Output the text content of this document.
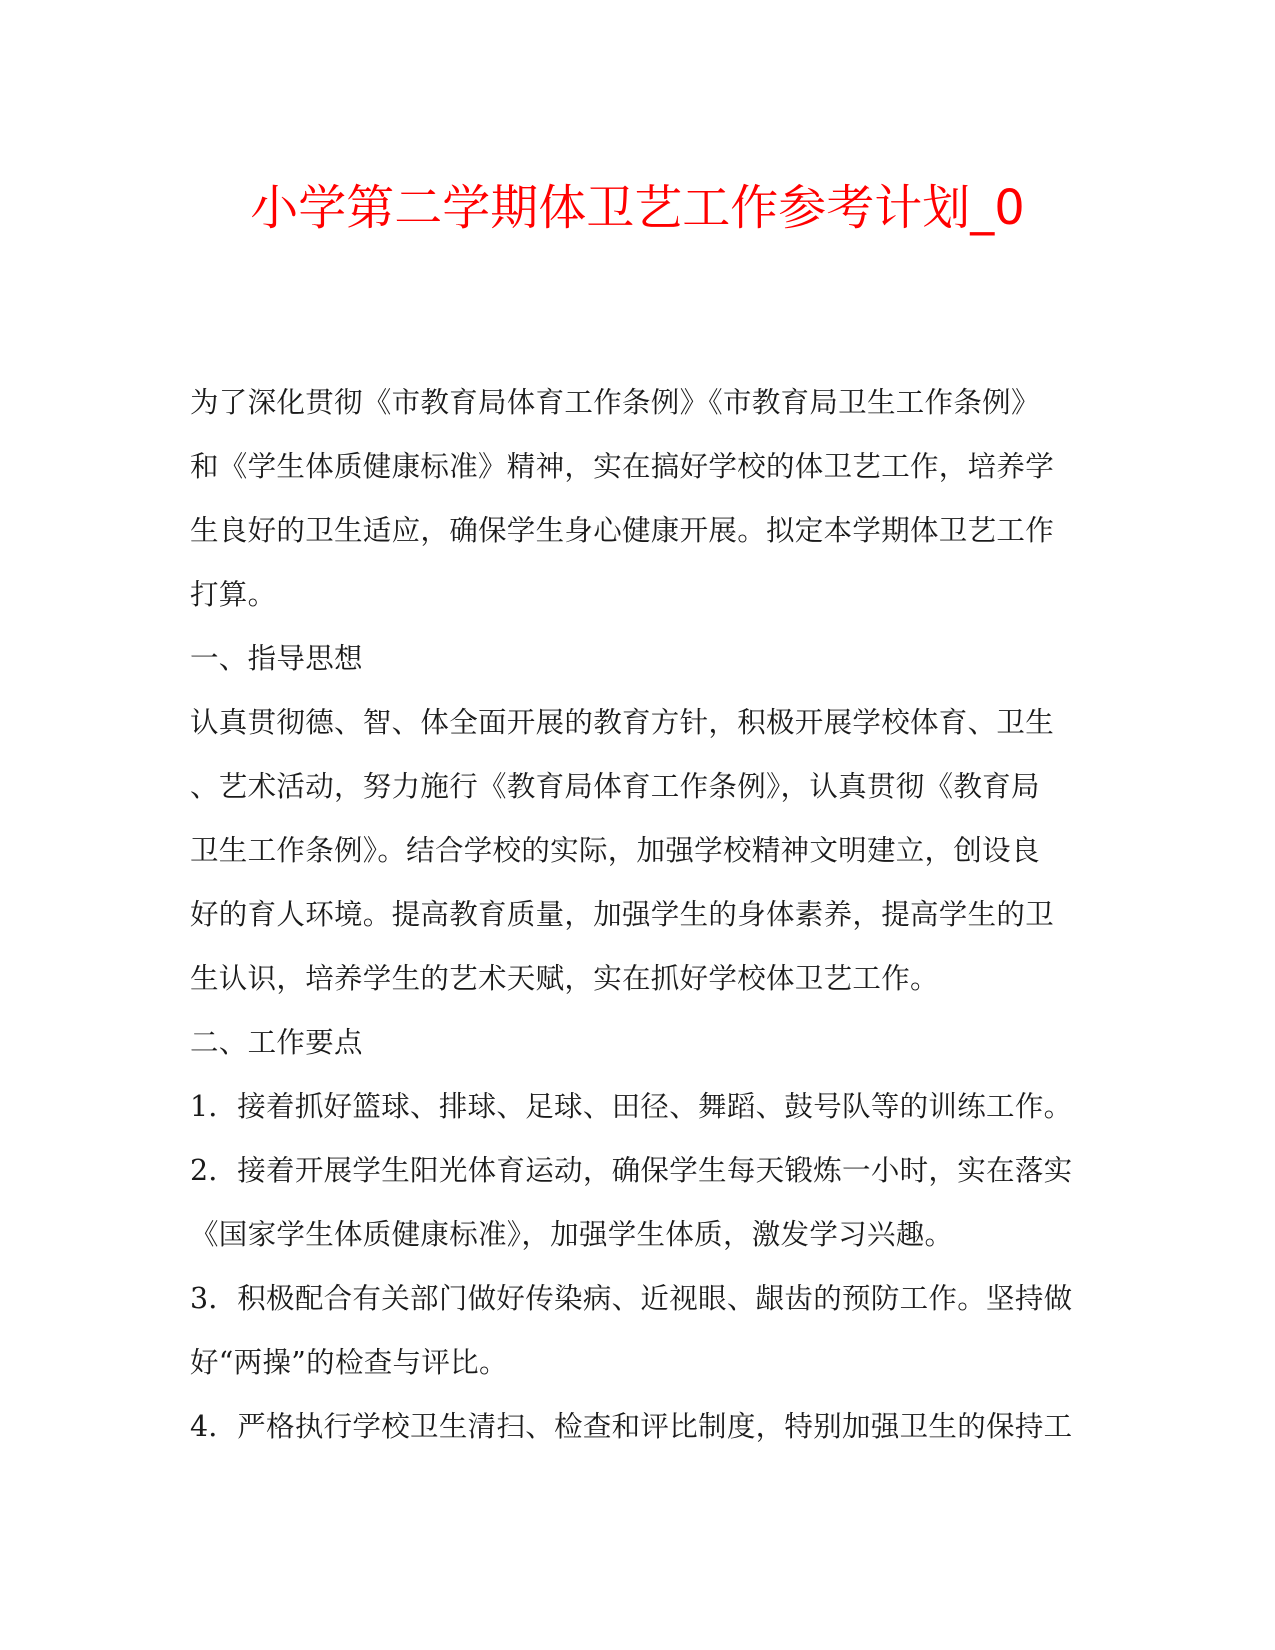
小学第二学期体卫艺工作参考计划_0
为了深化贯彻《市教育局体育工作条例》《市教育局卫生工作条例》
和《学生体质健康标准》精神，实在搞好学校的体卫艺工作，培养学
生良好的卫生适应，确保学生身心健康开展。拟定本学期体卫艺工作
打算。
一、指导思想
认真贯彻德、智、体全面开展的教育方针，积极开展学校体育、卫生
、艺术活动，努力施行《教育局体育工作条例》，认真贯彻《教育局
卫生工作条例》。结合学校的实际，加强学校精神文明建立，创设良
好的育人环境。提高教育质量，加强学生的身体素养，提高学生的卫
生认识，培养学生的艺术天赋，实在抓好学校体卫艺工作。
二、工作要点
1．接着抓好篮球、排球、足球、田径、舞蹈、鼓号队等的训练工作。
2．接着开展学生阳光体育运动，确保学生每天锻炼一小时，实在落实
《国家学生体质健康标准》，加强学生体质，激发学习兴趣。
3．积极配合有关部门做好传染病、近视眼、龈齿的预防工作。坚持做
好“两操”的检查与评比。
4．严格执行学校卫生清扫、检查和评比制度，特别加强卫生的保持工
